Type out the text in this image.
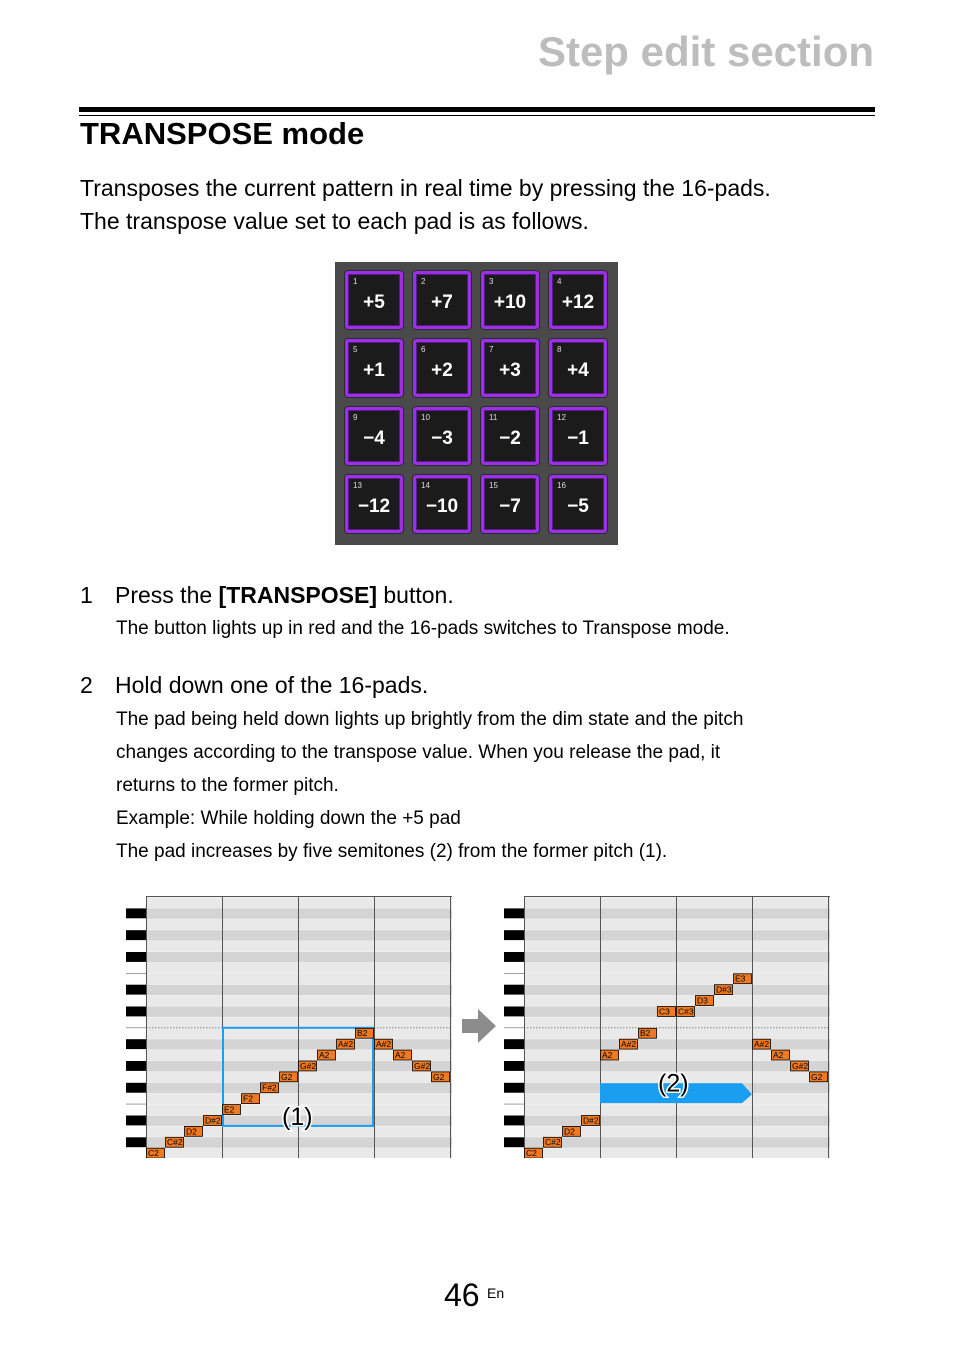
Step edit section
TRANSPOSE mode

Transposes the current pattern in real time by pressing the 16-pads.
The transpose value set to each pad is as follows.

1
+5
2
+7
3
+10
4
+12
5
+1
6
+2
7
+3
8
+4
9
−4
10
−3
11
−2
12
−1
13
−12
14
−10
15
−7
16
−5
1 Press the [TRANSPOSE] button.

The button lights up in red and the 16-pads switches to Transpose mode.

2 Hold down one of the 16-pads.

The pad being held down lights up brightly from the dim state and the pitch
changes according to the transpose value. When you release the pad, it
returns to the former pitch.
Example: While holding down the +5 pad
The pad increases by five semitones (2) from the former pitch (1).

C2
C#2
D2
D#2
E2
F2
F#2
G2
G#2
A2
A#2
B2
A#2
A2
G#2
G2
(1)
C2
C#2
D2
D#2
A2
A#2
B2
C3 C#3
D3
D#3
E3
A#2
A2
G#2
G2
(2)
46 En
